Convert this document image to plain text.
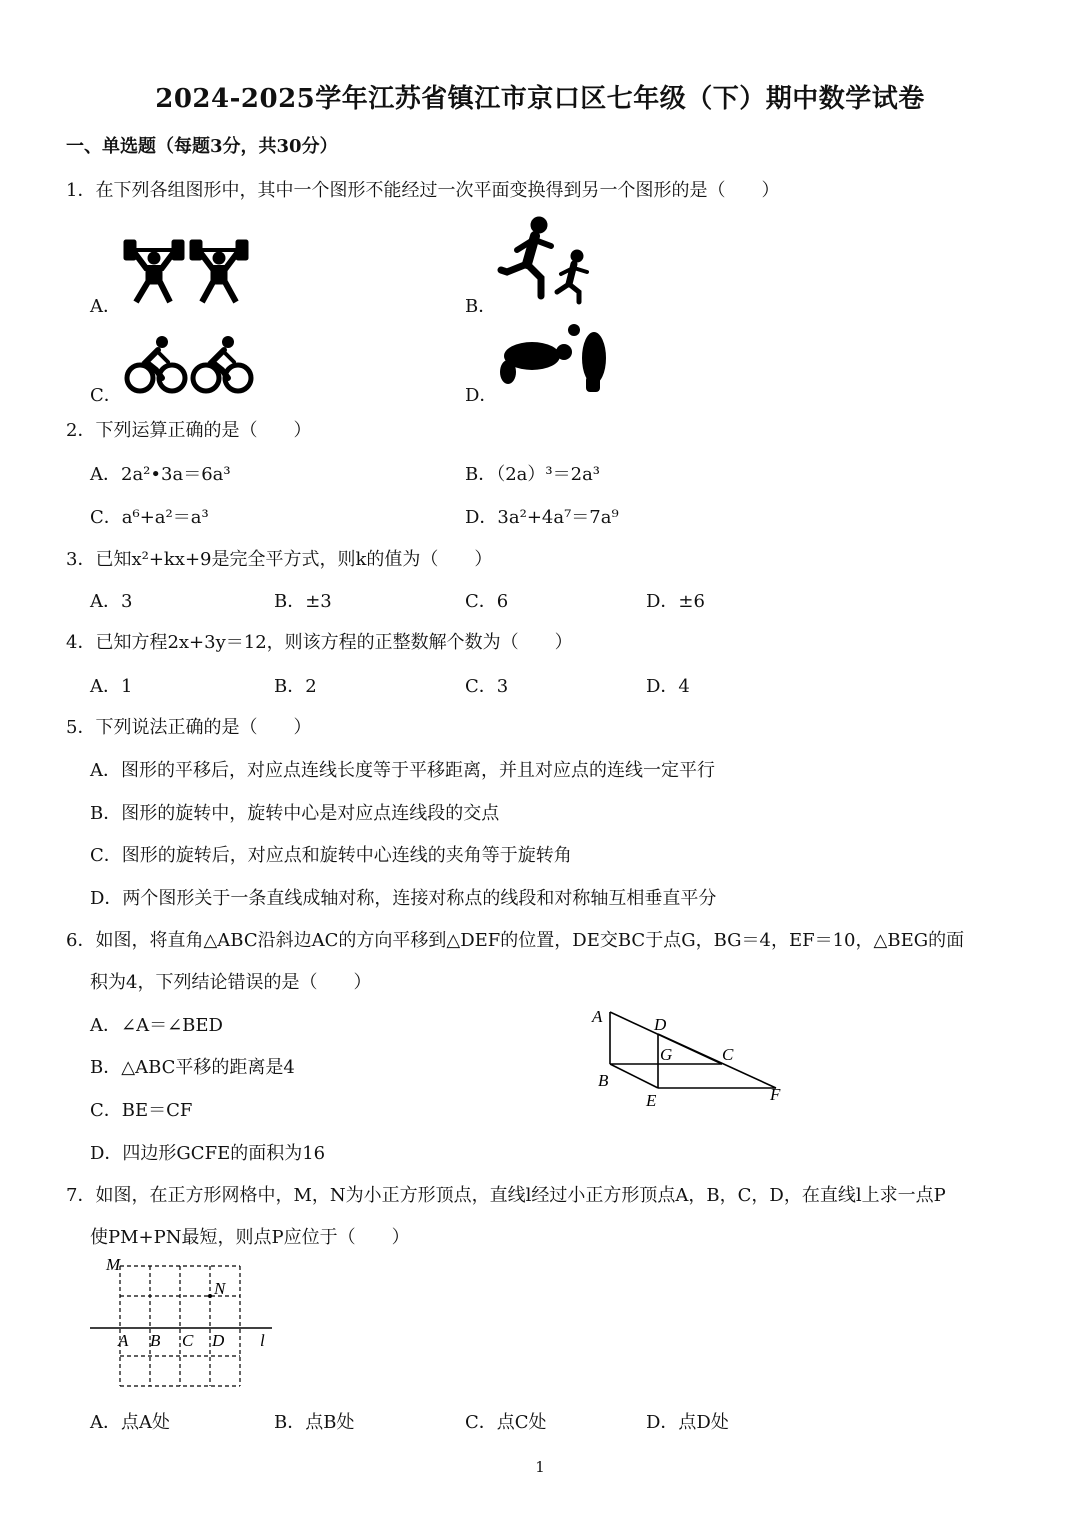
2024-2025学年江苏省镇江市京口区七年级（下）期中数学试卷
一、单选题（每题3分，共30分）
1．在下列各组图形中，其中一个图形不能经过一次平面变换得到另一个图形的是（　　）
A．	B．
C．	D．
2．下列运算正确的是（　　）
A．2a²•3a＝6a³	B．（2a）³＝2a³
C．a⁶+a²＝a³	D．3a²+4a⁷＝7a⁹
3．已知x²+kx+9是完全平方式，则k的值为（　　）
A．3	B．±3	C．6	D．±6
4．已知方程2x+3y＝12，则该方程的正整数解个数为（　　）
A．1	B．2	C．3	D．4
5．下列说法正确的是（　　）
A．图形的平移后，对应点连线长度等于平移距离，并且对应点的连线一定平行
B．图形的旋转中，旋转中心是对应点连线段的交点
C．图形的旋转后，对应点和旋转中心连线的夹角等于旋转角
D．两个图形关于一条直线成轴对称，连接对称点的线段和对称轴互相垂直平分
6．如图，将直角△ABC沿斜边AC的方向平移到△DEF的位置，DE交BC于点G，BG＝4，EF＝10，△BEG的面
积为4，下列结论错误的是（　　）
A．∠A＝∠BED
B．△ABC平移的距离是4
C．BE＝CF
D．四边形GCFE的面积为16
A	D
G	C
B
E	F
7．如图，在正方形网格中，M，N为小正方形顶点，直线l经过小正方形顶点A，B，C，D，在直线l上求一点P
使PM+PN最短，则点P应位于（　　）
M
N
A B C D l
A．点A处	B．点B处	C．点C处	D．点D处
1
